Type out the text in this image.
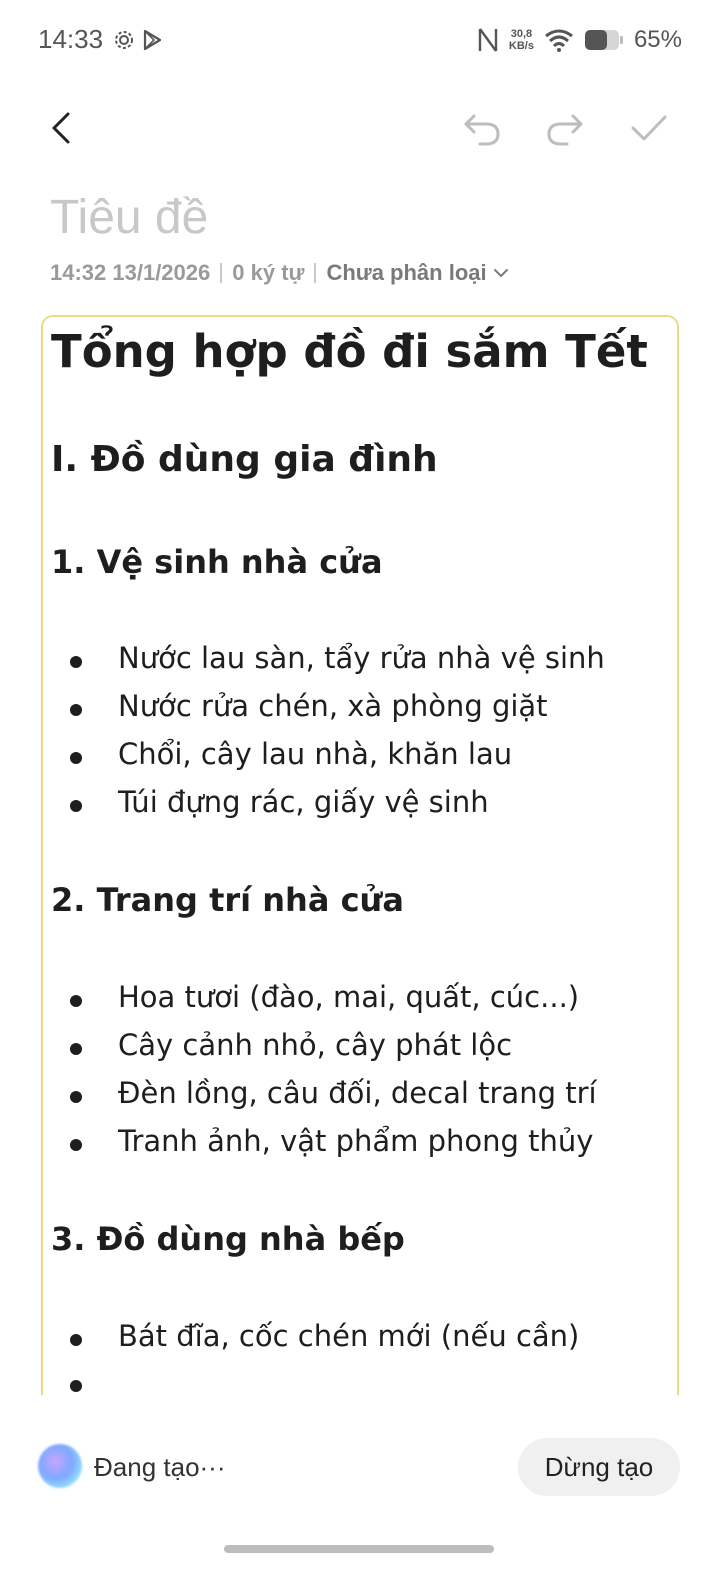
14:33	30,8
KB/s	65%
Tiêu đề
14:32 13/1/2026 0 ký tự Chưa phân loại
Tổng hợp đồ đi sắm Tết
I. Đồ dùng gia đình
1. Vệ sinh nhà cửa
Nước lau sàn, tẩy rửa nhà vệ sinh
Nước rửa chén, xà phòng giặt
Chổi, cây lau nhà, khăn lau
Túi đựng rác, giấy vệ sinh
2. Trang trí nhà cửa
Hoa tươi (đào, mai, quất, cúc...)
Cây cảnh nhỏ, cây phát lộc
Đèn lồng, câu đối, decal trang trí
Tranh ảnh, vật phẩm phong thủy
3. Đồ dùng nhà bếp
Bát đĩa, cốc chén mới (nếu cần)
Đang tạo···	Dừng tạo
